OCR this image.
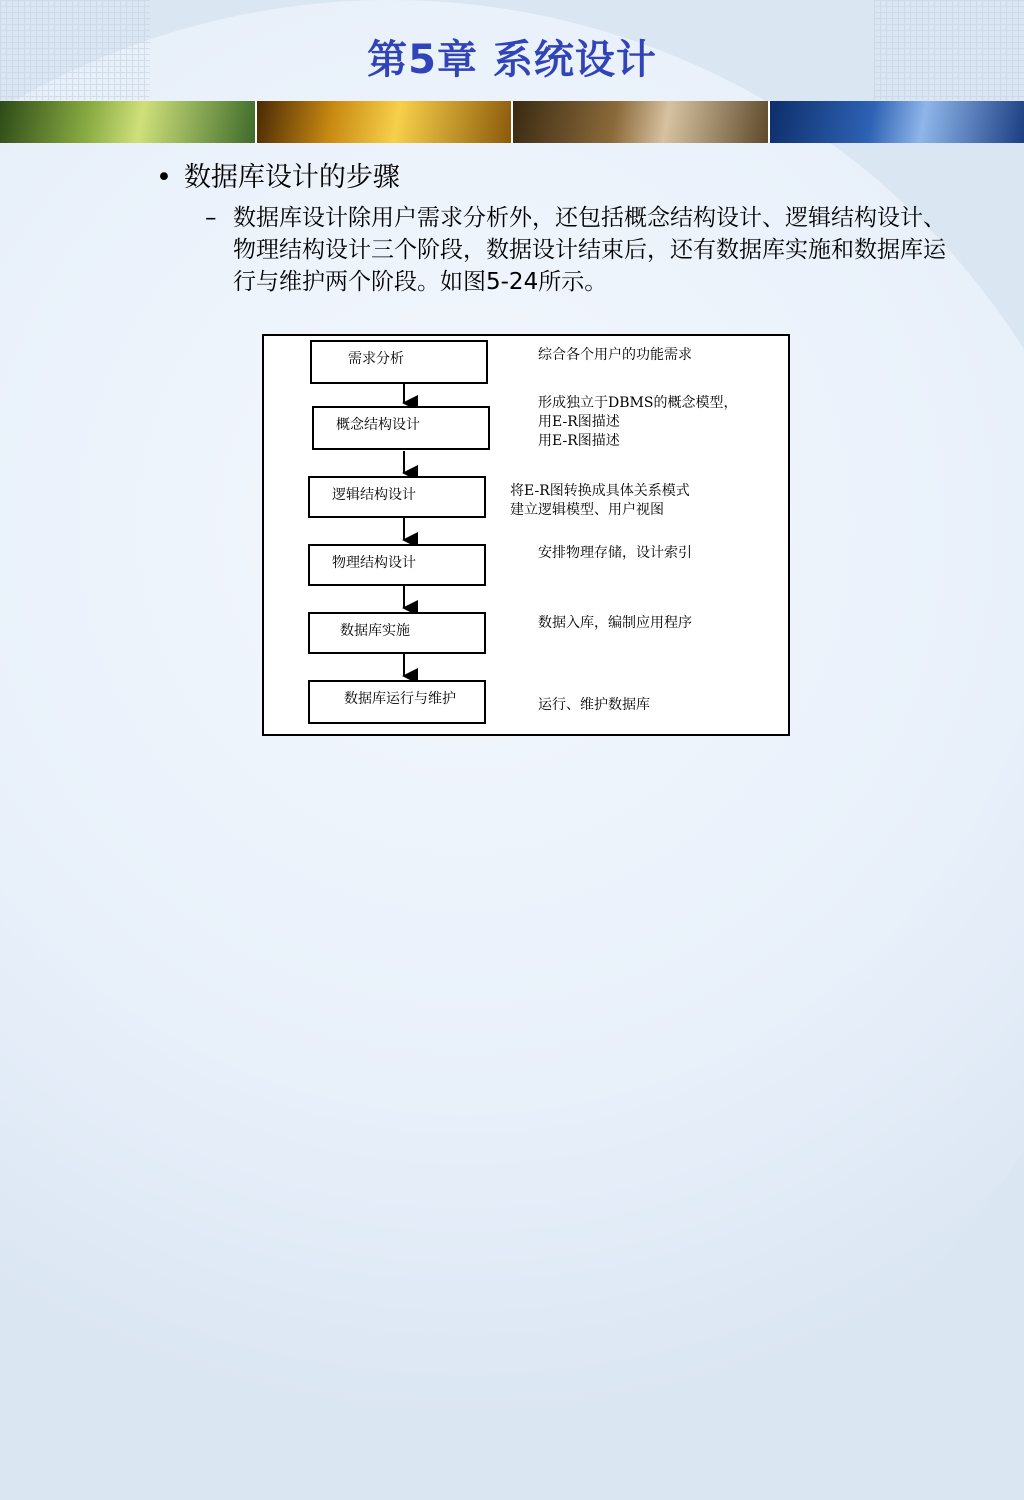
第5章 系统设计
• 数据库设计的步骤
– 数据库设计除用户需求分析外，还包括概念结构设计、逻辑结构设计、物理结构设计三个阶段，数据设计结束后，还有数据库实施和数据库运行与维护两个阶段。如图5-24所示。
需求分析
概念结构设计
逻辑结构设计
物理结构设计
数据库实施
数据库运行与维护
综合各个用户的功能需求
形成独立于DBMS的概念模型，
用E-R图描述
用E-R图描述
将E-R图转换成具体关系模式
建立逻辑模型、用户视图
安排物理存储，设计索引
数据入库，编制应用程序
运行、维护数据库
